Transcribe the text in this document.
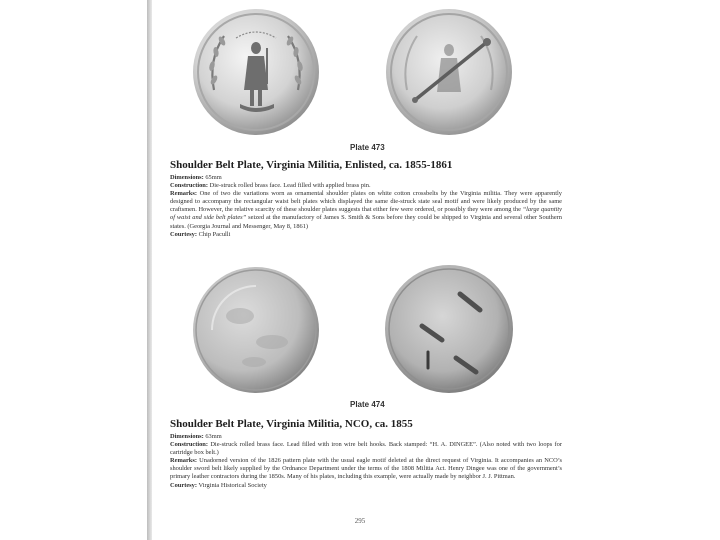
Plate 473
Shoulder Belt Plate, Virginia Militia, Enlisted, ca. 1855-1861

Dimensions: 65mm

Construction: Die-struck rolled brass face. Lead filled with applied brass pin.

Remarks: One of two die variations worn as ornamental shoulder plates on white cotton crossbelts by the Virginia militia. They were apparently designed to accompany the rectangular waist belt plates which displayed the same die-struck state seal motif and were likely produced by the same craftsmen. However, the relative scarcity of these shoulder plates suggests that either few were ordered, or possibly they were among the “large quantity of waist and side belt plates” seized at the manufactory of James S. Smith & Sons before they could be shipped to Virginia and several other Southern states. (Georgia Journal and Messenger, May 8, 1861)

Courtesy: Chip Paculli

Plate 474
Shoulder Belt Plate, Virginia Militia, NCO, ca. 1855

Dimensions: 63mm

Construction: Die-struck rolled brass face. Lead filled with iron wire belt hooks. Back stamped: “H. A. DINGEE”. (Also noted with two loops for cartridge box belt.)

Remarks: Unadorned version of the 1826 pattern plate with the usual eagle motif deleted at the direct request of Virginia. It accompanies an NCO’s shoulder sword belt likely supplied by the Ordnance Department under the terms of the 1808 Militia Act. Henry Dingee was one of the government’s primary leather contractors during the 1850s. Many of his plates, including this example, were actually made by neighbor J. J. Pittman.

Courtesy: Virginia Historical Society

295
